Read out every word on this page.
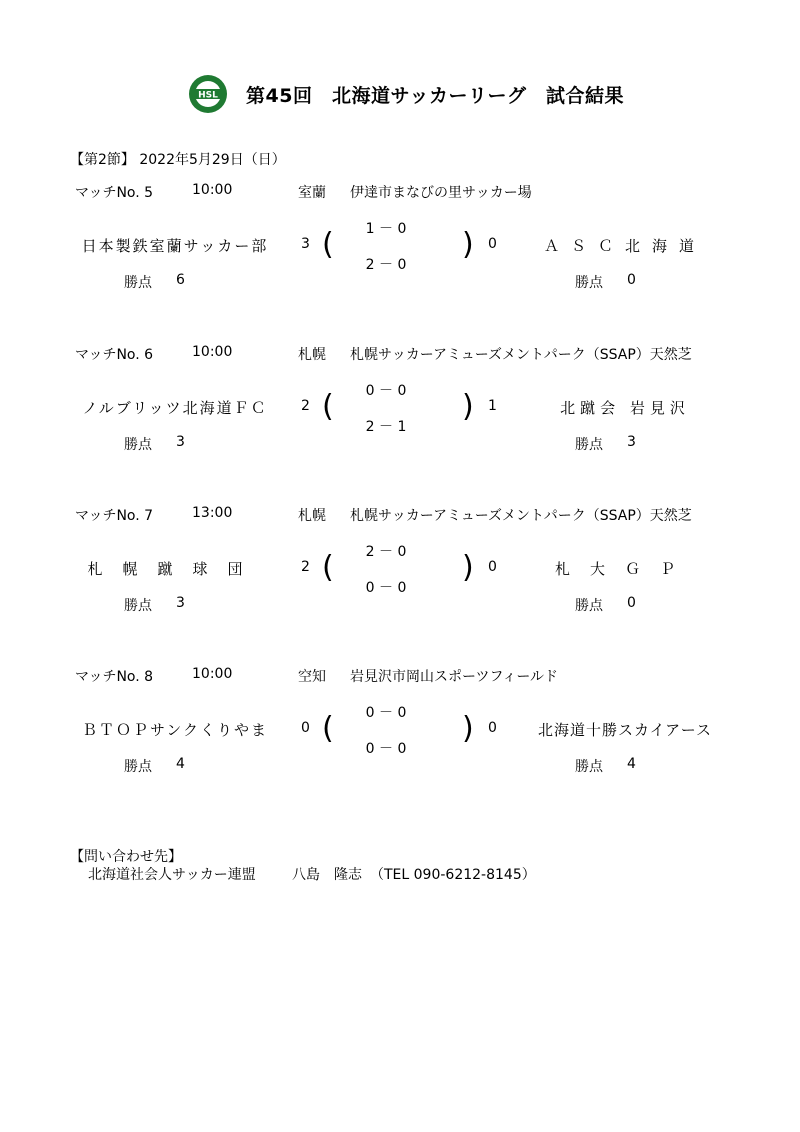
HSL 第45回　北海道サッカーリーグ　試合結果
【第2節】 2022年5月29日（日）
マッチNo. 5	10:00	室蘭 伊達市まなびの里サッカー場
日本製鉄室蘭サッカー部	3 (	1 － 0
2 － 0
) 0	ＡＳＣ北海道
勝点 6	勝点 0
マッチNo. 6	10:00	札幌 札幌サッカーアミューズメントパーク（SSAP）天然芝
ノルブリッツ北海道ＦＣ	2 (	0 － 0
2 － 1
) 1	北蹴会 岩見沢
勝点 3	勝点 3
マッチNo. 7	13:00	札幌 札幌サッカーアミューズメントパーク（SSAP）天然芝
札幌蹴球団	2 (	2 － 0
0 － 0
) 0	札大ＧＰ
勝点 3	勝点 0
マッチNo. 8	10:00	空知 岩見沢市岡山スポーツフィールド
ＢＴＯＰサンクくりやま	0 (	0 － 0
0 － 0
) 0	北海道十勝スカイアース
勝点 4	勝点 4
【問い合わせ先】
北海道社会人サッカー連盟	八島　隆志 （TEL 090-6212-8145）
